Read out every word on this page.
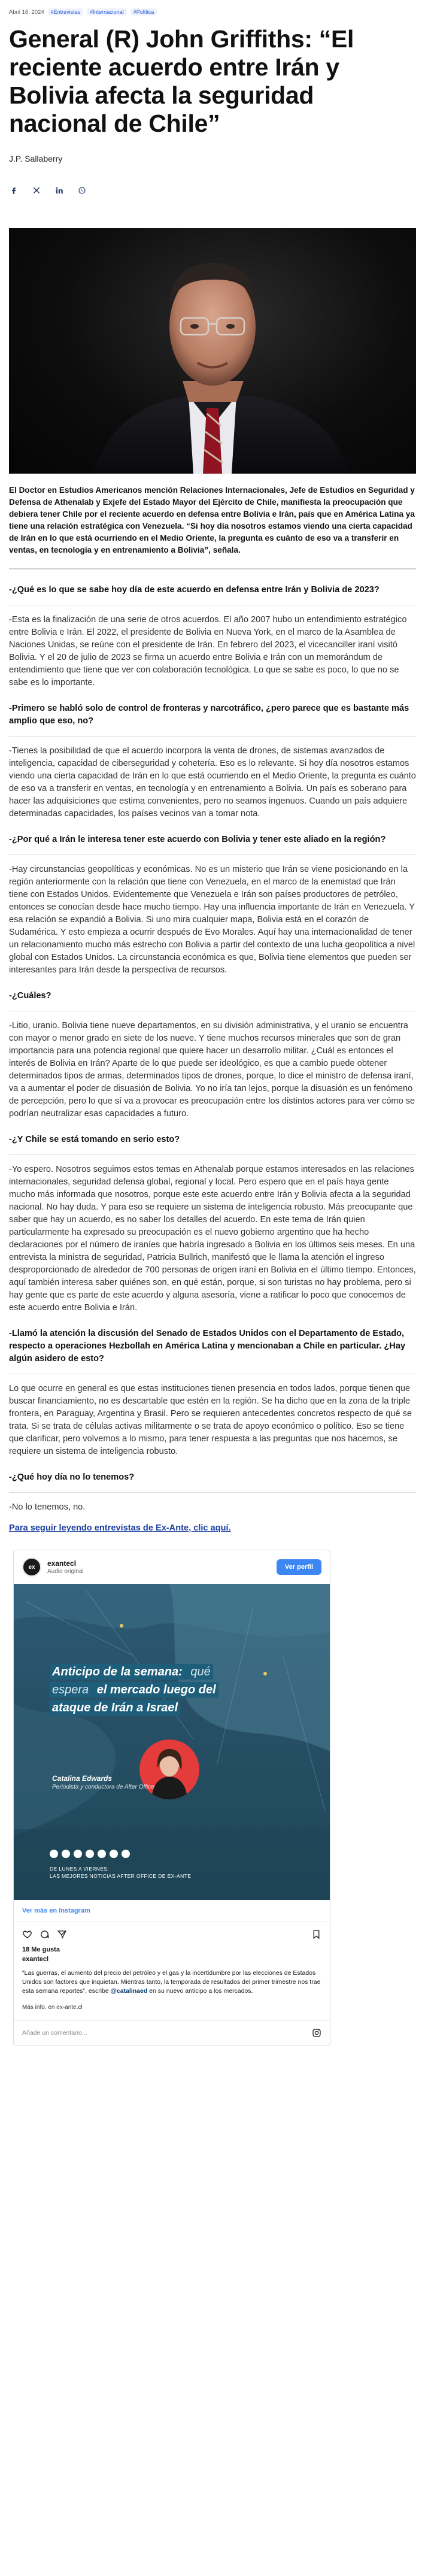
Abril 16, 2024	#Entrevistas	#Internacional	#Política
General (R) John Griffiths: “El reciente acuerdo entre Irán y Bolivia afecta la seguridad nacional de Chile”
J.P. Sallaberry

El Doctor en Estudios Americanos mención Relaciones Internacionales, Jefe de Estudios en Seguridad y Defensa de Athenalab y Exjefe del Estado Mayor del Ejército de Chile, manifiesta la preocupación que debiera tener Chile por el reciente acuerdo en defensa entre Bolivia e Irán, país que en América Latina ya tiene una relación estratégica con Venezuela. “Si hoy día nosotros estamos viendo una cierta capacidad de Irán en lo que está ocurriendo en el Medio Oriente, la pregunta es cuánto de eso va a transferir en ventas, en tecnología y en entrenamiento a Bolivia”, señala.

-¿Qué es lo que se sabe hoy día de este acuerdo en defensa entre Irán y Bolivia de 2023?

-Esta es la finalización de una serie de otros acuerdos. El año 2007 hubo un entendimiento estratégico entre Bolivia e Irán. El 2022, el presidente de Bolivia en Nueva York, en el marco de la Asamblea de Naciones Unidas, se reúne con el presidente de Irán. En febrero del 2023, el vicecanciller iraní visitó Bolivia. Y el 20 de julio de 2023 se firma un acuerdo entre Bolivia e Irán con un memorándum de entendimiento que tiene que ver con colaboración tecnológica. Lo que se sabe es poco, lo que no se sabe es lo importante.

-Primero se habló solo de control de fronteras y narcotráfico, ¿pero parece que es bastante más amplio que eso, no?

-Tienes la posibilidad de que el acuerdo incorpora la venta de drones, de sistemas avanzados de inteligencia, capacidad de ciberseguridad y cohetería. Eso es lo relevante. Si hoy día nosotros estamos viendo una cierta capacidad de Irán en lo que está ocurriendo en el Medio Oriente, la pregunta es cuánto de eso va a transferir en ventas, en tecnología y en entrenamiento a Bolivia. Un país es soberano para hacer las adquisiciones que estima convenientes, pero no seamos ingenuos. Cuando un país adquiere determinadas capacidades, los países vecinos van a tomar nota.

-¿Por qué a Irán le interesa tener este acuerdo con Bolivia y tener este aliado en la región?

-Hay circunstancias geopolíticas y económicas. No es un misterio que Irán se viene posicionando en la región anteriormente con la relación que tiene con Venezuela, en el marco de la enemistad que Irán tiene con Estados Unidos. Evidentemente que Venezuela e Irán son países productores de petróleo, entonces se conocían desde hace mucho tiempo. Hay una influencia importante de Irán en Venezuela. Y esa relación se expandió a Bolivia. Si uno mira cualquier mapa, Bolivia está en el corazón de Sudamérica. Y esto empieza a ocurrir después de Evo Morales. Aquí hay una internacionalidad de tener un relacionamiento mucho más estrecho con Bolivia a partir del contexto de una lucha geopolítica a nivel global con Estados Unidos. La circunstancia económica es que, Bolivia tiene elementos que pueden ser interesantes para Irán desde la perspectiva de recursos.

-¿Cuáles?

-Litio, uranio. Bolivia tiene nueve departamentos, en su división administrativa, y el uranio se encuentra con mayor o menor grado en siete de los nueve. Y tiene muchos recursos minerales que son de gran importancia para una potencia regional que quiere hacer un desarrollo militar. ¿Cuál es entonces el interés de Bolivia en Irán? Aparte de lo que puede ser ideológico, es que a cambio puede obtener determinados tipos de armas, determinados tipos de drones, porque, lo dice el ministro de defensa iraní, va a aumentar el poder de disuasión de Bolivia. Yo no iría tan lejos, porque la disuasión es un fenómeno de percepción, pero lo que sí va a provocar es preocupación entre los distintos actores para ver cómo se podrían neutralizar esas capacidades a futuro.

-¿Y Chile se está tomando en serio esto?

-Yo espero. Nosotros seguimos estos temas en Athenalab porque estamos interesados en las relaciones internacionales, seguridad defensa global, regional y local. Pero espero que en el país haya gente mucho más informada que nosotros, porque este este acuerdo entre Irán y Bolivia afecta a la seguridad nacional. No hay duda. Y para eso se requiere un sistema de inteligencia robusto. Más preocupante que saber que hay un acuerdo, es no saber los detalles del acuerdo. En este tema de Irán quien particularmente ha expresado su preocupación es el nuevo gobierno argentino que ha hecho declaraciones por el número de iraníes que habría ingresado a Bolivia en los últimos seis meses. En una entrevista la ministra de seguridad, Patricia Bullrich, manifestó que le llama la atención el ingreso desproporcionado de alrededor de 700 personas de origen iraní en Bolivia en el último tiempo. Entonces, aquí también interesa saber quiénes son, en qué están, porque, si son turistas no hay problema, pero si hay gente que es parte de este acuerdo y alguna asesoría, viene a ratificar lo poco que conocemos de este acuerdo entre Bolivia e Irán.

-Llamó la atención la discusión del Senado de Estados Unidos con el Departamento de Estado, respecto a operaciones Hezbollah en América Latina y mencionaban a Chile en particular. ¿Hay algún asidero de esto?

Lo que ocurre en general es que estas instituciones tienen presencia en todos lados, porque tienen que buscar financiamiento, no es descartable que estén en la región. Se ha dicho que en la zona de la triple frontera, en Paraguay, Argentina y Brasil. Pero se requieren antecedentes concretos respecto de qué se trata. Si se trata de células activas militarmente o se trata de apoyo económico o político. Eso se tiene que clarificar, pero volvemos a lo mismo, para tener respuesta a las preguntas que nos hacemos, se requiere un sistema de inteligencia robusto.

-¿Qué hoy día no lo tenemos?

-No lo tenemos, no.

Para seguir leyendo entrevistas de Ex-Ante, clic aquí.
ex	exantecl
Audio original
Ver perfil
Anticipo de la semana: qué espera el mercado luego del ataque de Irán a Israel
Catalina Edwards
Periodista y conductora de After Office
DE LUNES A VIERNES:
LAS MEJORES NOTICIAS AFTER OFFICE DE EX-ANTE
Ver más en Instagram
18 Me gusta
exantecl
“Las guerras, el aumento del precio del petróleo y el gas y la incertidumbre por las elecciones de Estados Unidos son factores que inquietan. Mientras tanto, la temporada de resultados del primer trimestre nos trae esta semana reportes”, escribe @catalinaed en su nuevo anticipo a los mercados.
Más info. en ex-ante.cl
Añade un comentario...
